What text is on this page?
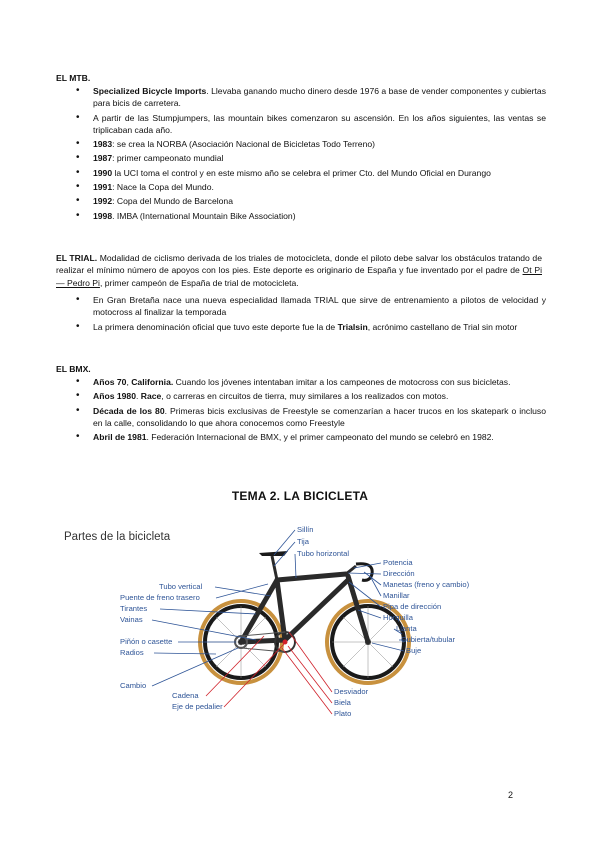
EL MTB.
• Specialized Bicycle Imports. Llevaba ganando mucho dinero desde 1976 a base de vender componentes y cubiertas para bicis de carretera.
• A partir de las Stumpjumpers, las mountain bikes comenzaron su ascensión. En los años siguientes, las ventas se triplicaban cada año.
• 1983: se crea la NORBA (Asociación Nacional de Bicicletas Todo Terreno)
• 1987: primer campeonato mundial
• 1990 la UCI toma el control y en este mismo año se celebra el primer Cto. del Mundo Oficial en Durango
• 1991: Nace la Copa del Mundo.
• 1992: Copa del Mundo de Barcelona
• 1998. IMBA (International Mountain Bike Association)

EL TRIAL. Modalidad de ciclismo derivada de los triales de motocicleta, donde el piloto debe salvar los obstáculos tratando de realizar el mínimo número de apoyos con los pies. Este deporte es originario de España y fue inventado por el padre de Ot Pi— Pedro Pi, primer campeón de España de trial de motocicleta.

• En Gran Bretaña nace una nueva especialidad llamada TRIAL que sirve de entrenamiento a pilotos de velocidad y motocross al finalizar la temporada
• La primera denominación oficial que tuvo este deporte fue la de Trialsin, acrónimo castellano de Trial sin motor
EL BMX.
• Años 70, California. Cuando los jóvenes intentaban imitar a los campeones de motocross con sus bicicletas.
• Años 1980. Race, o carreras en circuitos de tierra, muy similares a los realizados con motos.
• Década de los 80. Primeras bicis exclusivas de Freestyle se comenzarían a hacer trucos en los skatepark o incluso en la calle, consolidando lo que ahora conocemos como Freestyle
• Abril de 1981. Federación Internacional de BMX, y el primer campeonato del mundo se celebró en 1982.
TEMA 2. LA BICICLETA
Partes de la bicicleta
Sillín
Tija
Tubo horizontal
Potencia
Dirección
Manetas (freno y cambio)
Manillar
Pipa de dirección
Horquilla
Llanta
Cubierta/tubular
Buje
Tubo vertical
Puente de freno trasero
Tirantes
Vainas
Piñón o casette
Radios
Cambio
Cadena
Eje de pedalier
Desviador
Biela
Plato
2
